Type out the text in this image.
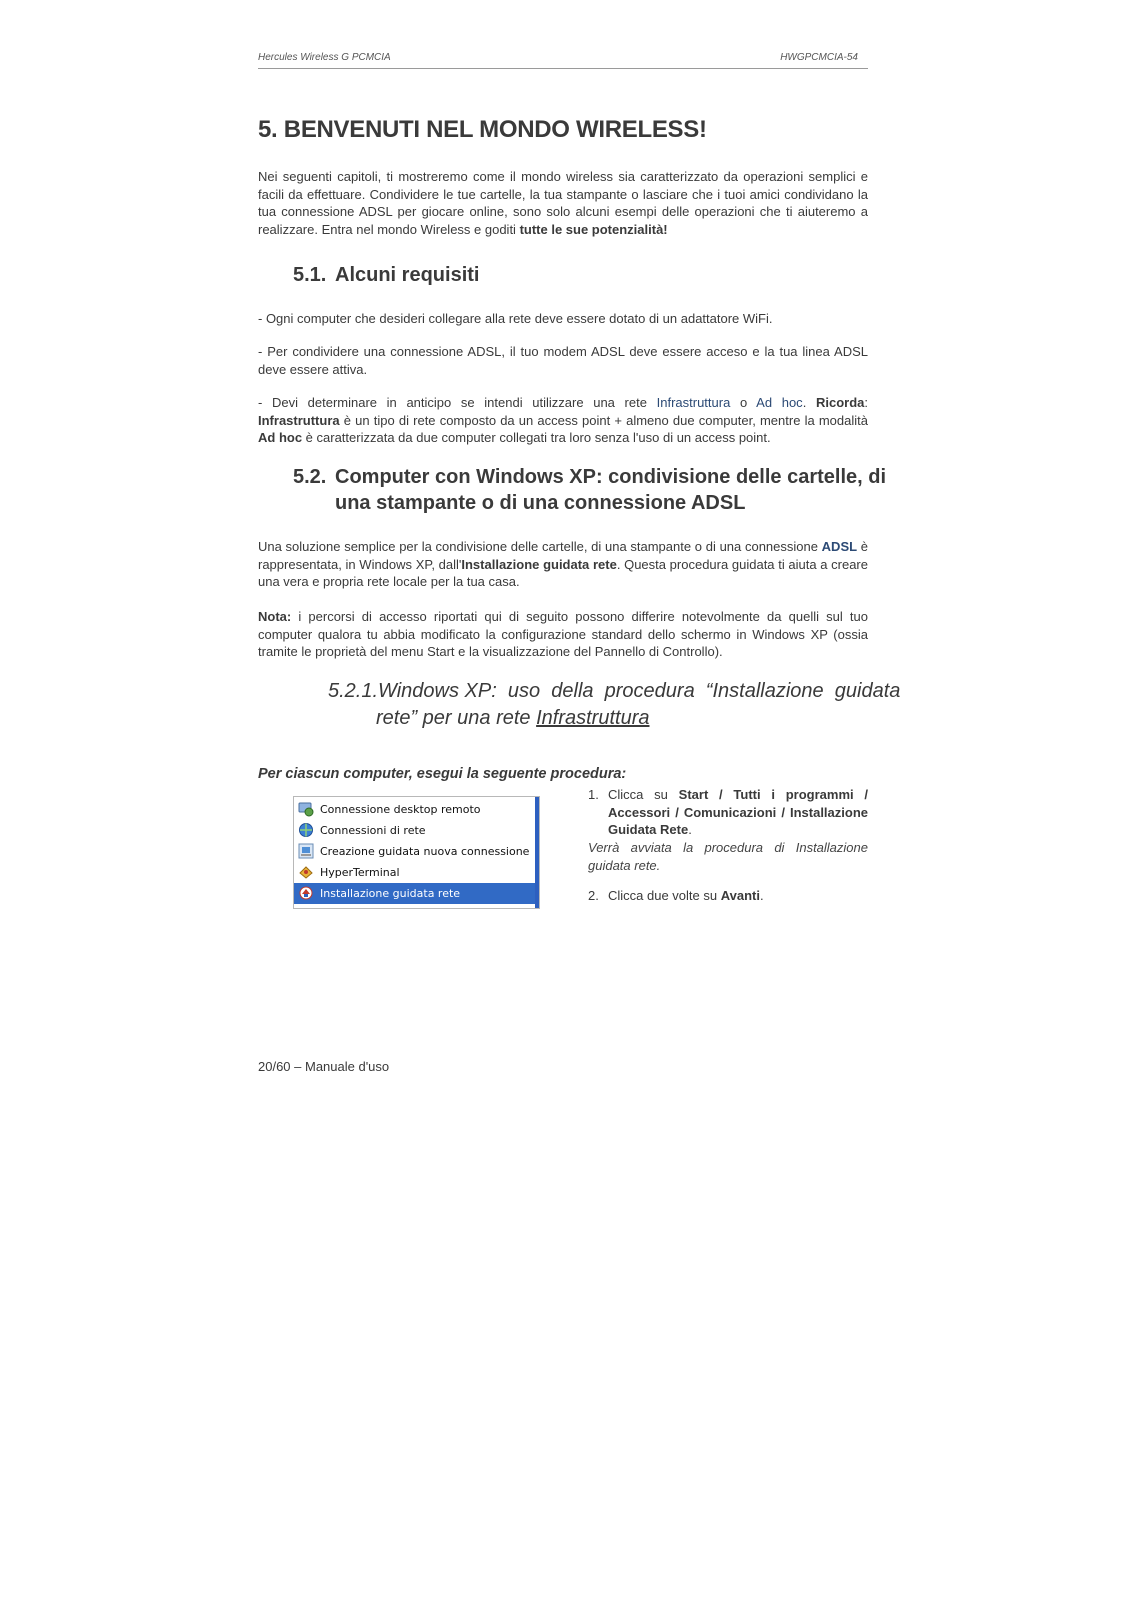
Hercules Wireless G PCMCIA	HWGPCMCIA-54
5. BENVENUTI NEL MONDO WIRELESS!

Nei seguenti capitoli, ti mostreremo come il mondo wireless sia caratterizzato da operazioni semplici e facili da effettuare. Condividere le tue cartelle, la tua stampante o lasciare che i tuoi amici condividano la tua connessione ADSL per giocare online, sono solo alcuni esempi delle operazioni che ti aiuteremo a realizzare. Entra nel mondo Wireless e goditi tutte le sue potenzialità!

5.1. Alcuni requisiti

- Ogni computer che desideri collegare alla rete deve essere dotato di un adattatore WiFi.

- Per condividere una connessione ADSL, il tuo modem ADSL deve essere acceso e la tua linea ADSL deve essere attiva.

- Devi determinare in anticipo se intendi utilizzare una rete Infrastruttura o Ad hoc. Ricorda: Infrastruttura è un tipo di rete composto da un access point + almeno due computer, mentre la modalità Ad hoc è caratterizzata da due computer collegati tra loro senza l'uso di un access point.

5.2. Computer con Windows XP: condivisione delle cartelle, di
una stampante o di una connessione ADSL

Una soluzione semplice per la condivisione delle cartelle, di una stampante o di una connessione ADSL è rappresentata, in Windows XP, dall'Installazione guidata rete. Questa procedura guidata ti aiuta a creare una vera e propria rete locale per la tua casa.

Nota: i percorsi di accesso riportati qui di seguito possono differire notevolmente da quelli sul tuo computer qualora tu abbia modificato la configurazione standard dello schermo in Windows XP (ossia tramite le proprietà del menu Start e la visualizzazione del Pannello di Controllo).

5.2.1.Windows XP:  uso  della  procedura  “Installazione  guidata
rete” per una rete Infrastruttura
Per ciascun computer, esegui la seguente procedura:
Connessione desktop remoto
Connessioni di rete
Creazione guidata nuova connessione
HyperTerminal
Installazione guidata rete
1. Clicca su Start / Tutti i programmi / Accessori / Comunicazioni / Installazione Guidata Rete.
Verrà avviata la procedura di Installazione guidata rete.
2. Clicca due volte su Avanti.
20/60 – Manuale d'uso
